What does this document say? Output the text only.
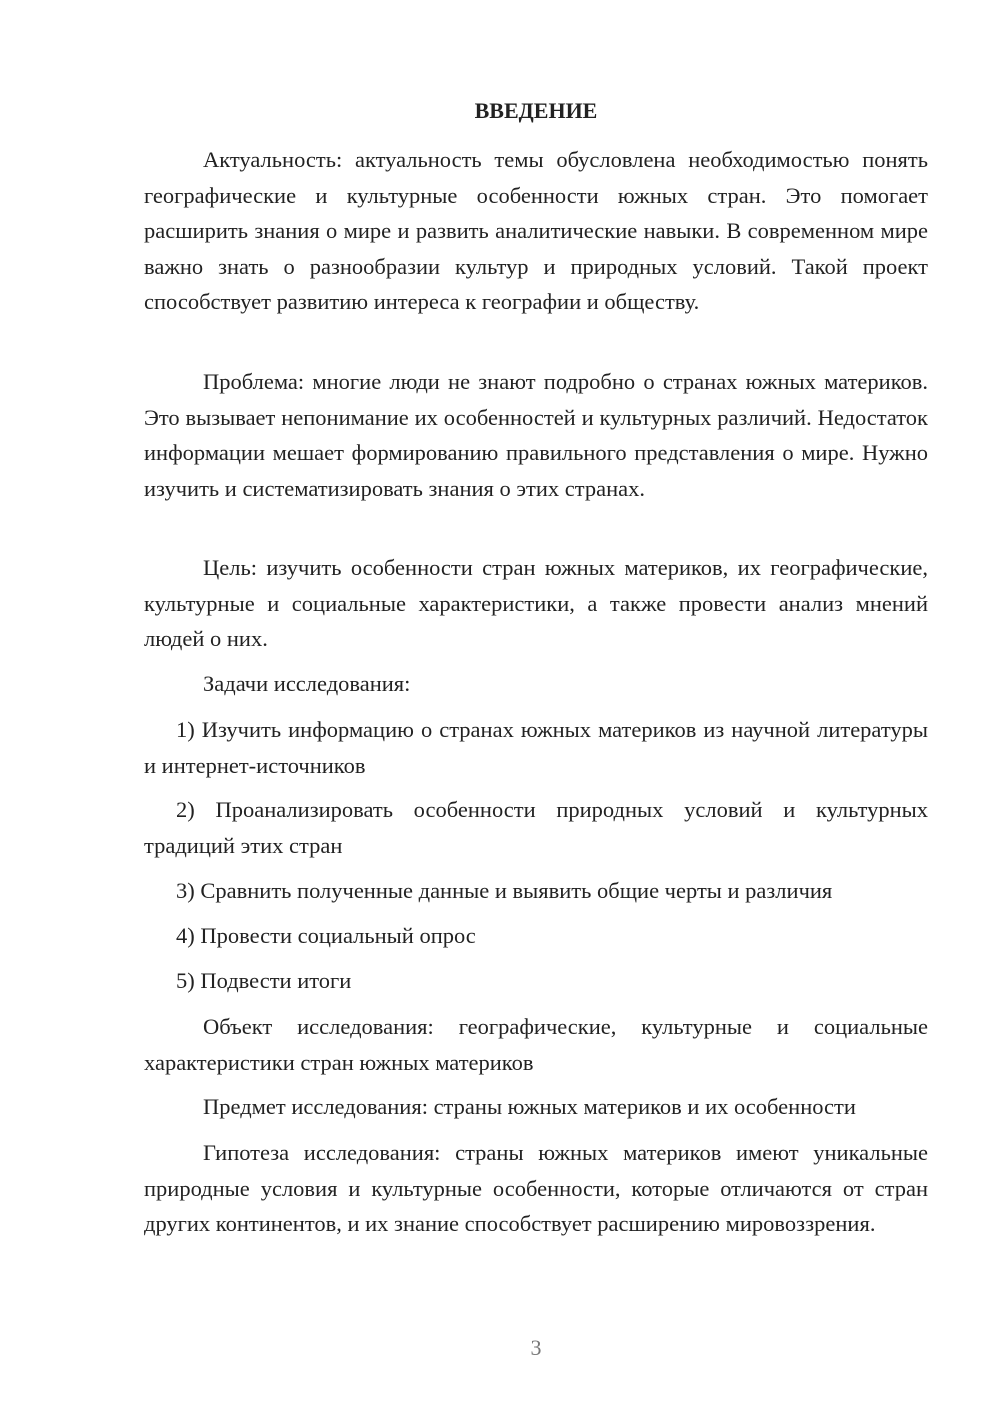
ВВЕДЕНИЕ

Актуальность: актуальность темы обусловлена необходимостью понять географические и культурные особенности южных стран. Это помогает расширить знания о мире и развить аналитические навыки. В современном мире важно знать о разнообразии культур и природных условий. Такой проект способствует развитию интереса к географии и обществу.

Проблема: многие люди не знают подробно о странах южных материков. Это вызывает непонимание их особенностей и культурных различий. Недостаток информации мешает формированию правильного представления о мире. Нужно изучить и систематизировать знания о этих странах.

Цель: изучить особенности стран южных материков, их географические, культурные и социальные характеристики, а также провести анализ мнений людей о них.

Задачи исследования:

1) Изучить информацию о странах южных материков из научной литературы и интернет-источников

2) Проанализировать особенности природных условий и культурных традиций этих стран

3) Сравнить полученные данные и выявить общие черты и различия

4) Провести социальный опрос

5) Подвести итоги

Объект исследования: географические, культурные и социальные характеристики стран южных материков

Предмет исследования: страны южных материков и их особенности

Гипотеза исследования: страны южных материков имеют уникальные природные условия и культурные особенности, которые отличаются от стран других континентов, и их знание способствует расширению мировоззрения.

3
